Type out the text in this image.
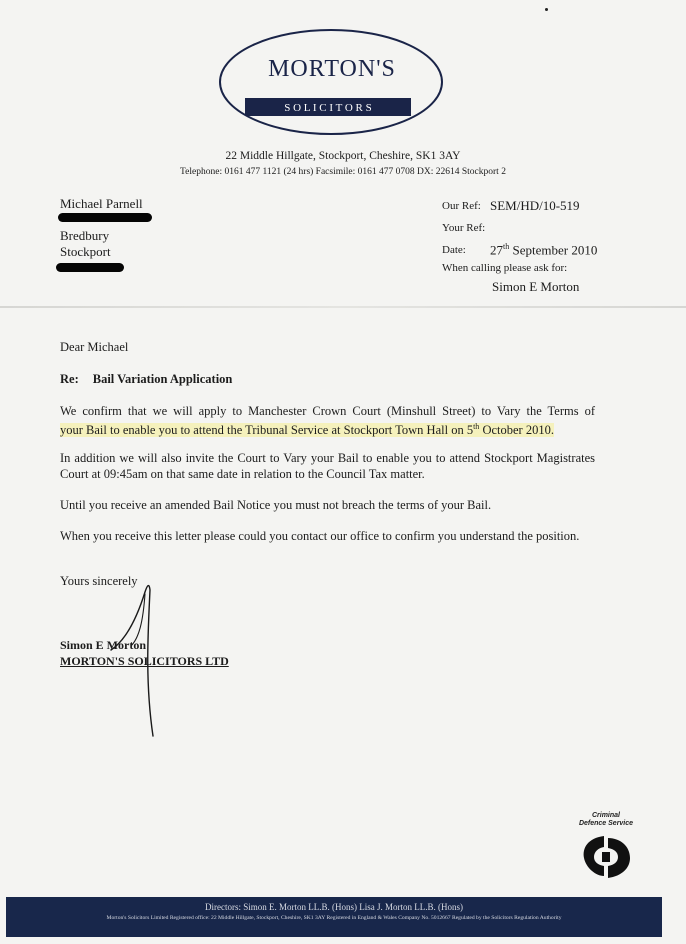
MORTON'S
S O L I C I T O R S
22 Middle Hillgate, Stockport, Cheshire, SK1 3AY
Telephone: 0161 477 1121 (24 hrs) Facsimile: 0161 477 0708 DX: 22614 Stockport 2
Michael Parnell
Bredbury
Stockport
Our Ref: SEM/HD/10-519
Your Ref:
Date: 27th September 2010
When calling please ask for:
Simon E Morton
Dear Michael
Re: Bail Variation Application
We confirm that we will apply to Manchester Crown Court (Minshull Street) to Vary the Terms of
your Bail to enable you to attend the Tribunal Service at Stockport Town Hall on 5th October 2010.
In addition we will also invite the Court to Vary your Bail to enable you to attend Stockport Magistrates Court at 09:45am on that same date in relation to the Council Tax matter.
Until you receive an amended Bail Notice you must not breach the terms of your Bail.
When you receive this letter please could you contact our office to confirm you understand the position.
Yours sincerely
Simon E Morton
MORTON'S SOLICITORS LTD
Criminal
Defence Service
Directors: Simon E. Morton LL.B. (Hons) Lisa J. Morton LL.B. (Hons)
Morton's Solicitors Limited Registered office: 22 Middle Hillgate, Stockport, Cheshire, SK1 3AY Registered in England & Wales Company No. 5012667 Regulated by the Solicitors Regulation Authority
